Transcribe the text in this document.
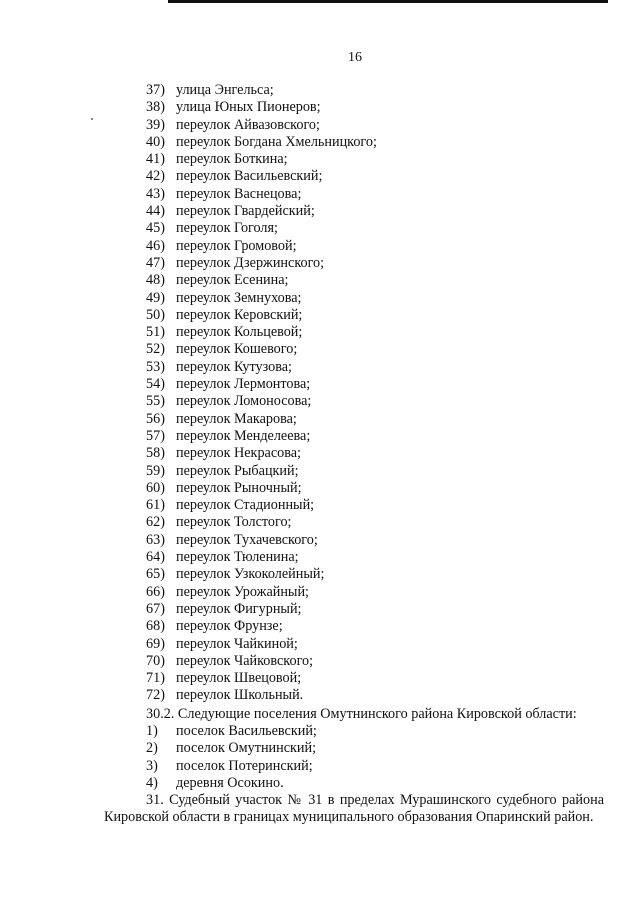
16
37) улица Энгельса;
38) улица Юных Пионеров;
39) переулок Айвазовского;
40) переулок Богдана Хмельницкого;
41) переулок Боткина;
42) переулок Васильевский;
43) переулок Васнецова;
44) переулок Гвардейский;
45) переулок Гоголя;
46) переулок Громовой;
47) переулок Дзержинского;
48) переулок Есенина;
49) переулок Земнухова;
50) переулок Керовский;
51) переулок Кольцевой;
52) переулок Кошевого;
53) переулок Кутузова;
54) переулок Лермонтова;
55) переулок Ломоносова;
56) переулок Макарова;
57) переулок Менделеева;
58) переулок Некрасова;
59) переулок Рыбацкий;
60) переулок Рыночный;
61) переулок Стадионный;
62) переулок Толстого;
63) переулок Тухачевского;
64) переулок Тюленина;
65) переулок Узкоколейный;
66) переулок Урожайный;
67) переулок Фигурный;
68) переулок Фрунзе;
69) переулок Чайкиной;
70) переулок Чайковского;
71) переулок Швецовой;
72) переулок Школьный.

30.2. Следующие поселения Омутнинского района Кировской области:

1) поселок Васильевский;
2) поселок Омутнинский;
3) поселок Потеринский;
4) деревня Осокино.

31. Судебный участок № 31 в пределах Мурашинского судебного района Кировской области в границах муниципального образования Опаринский район.
